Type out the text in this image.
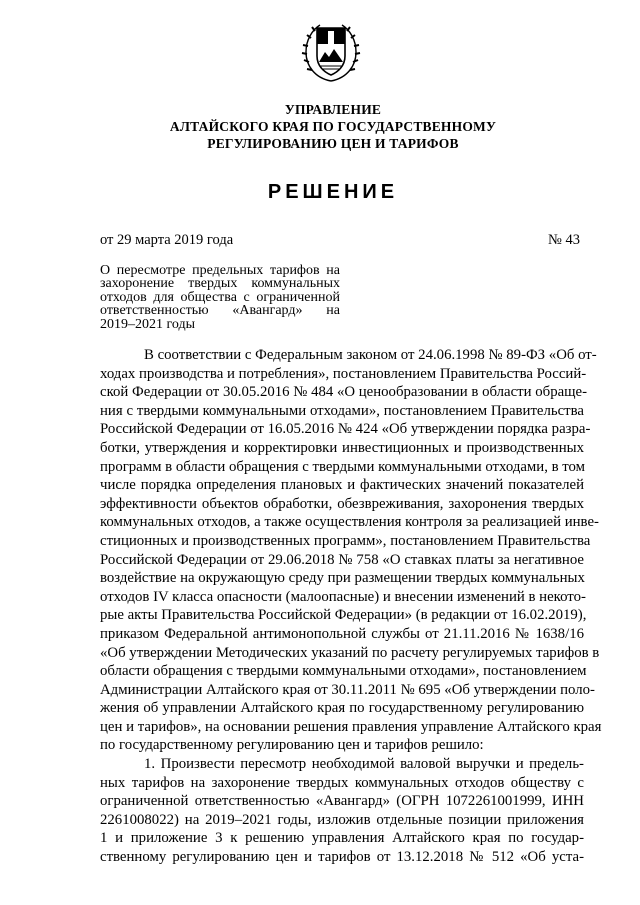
УПРАВЛЕНИЕ
АЛТАЙСКОГО КРАЯ ПО ГОСУДАРСТВЕННОМУ
РЕГУЛИРОВАНИЮ ЦЕН И ТАРИФОВ
РЕШЕНИЕ
от 29 марта 2019 года	№ 43
О пересмотре предельных тарифов на
захоронение твердых коммунальных
отходов для общества с ограниченной
ответственностью «Авангард» на
2019–2021 годы
В соответствии с Федеральным законом от 24.06.1998 № 89-ФЗ «Об от-
ходах производства и потребления», постановлением Правительства Россий-
ской Федерации от 30.05.2016 № 484 «О ценообразовании в области обраще-
ния с твердыми коммунальными отходами», постановлением Правительства
Российской Федерации от 16.05.2016 № 424 «Об утверждении порядка разра-
ботки, утверждения и корректировки инвестиционных и производственных
программ в области обращения с твердыми коммунальными отходами, в том
числе порядка определения плановых и фактических значений показателей
эффективности объектов обработки, обезвреживания, захоронения твердых
коммунальных отходов, а также осуществления контроля за реализацией инве-
стиционных и производственных программ», постановлением Правительства
Российской Федерации от 29.06.2018 № 758 «О ставках платы за негативное
воздействие на окружающую среду при размещении твердых коммунальных
отходов IV класса опасности (малоопасные) и внесении изменений в некото-
рые акты Правительства Российской Федерации» (в редакции от 16.02.2019),
приказом Федеральной антимонопольной службы от 21.11.2016 № 1638/16
«Об утверждении Методических указаний по расчету регулируемых тарифов в
области обращения с твердыми коммунальными отходами», постановлением
Администрации Алтайского края от 30.11.2011 № 695 «Об утверждении поло-
жения об управлении Алтайского края по государственному регулированию
цен и тарифов», на основании решения правления управление Алтайского края
по государственному регулированию цен и тарифов решило:
1. Произвести пересмотр необходимой валовой выручки и предель-
ных тарифов на захоронение твердых коммунальных отходов обществу с
ограниченной ответственностью «Авангард» (ОГРН 1072261001999, ИНН
2261008022) на 2019–2021 годы, изложив отдельные позиции приложения
1 и приложение 3 к решению управления Алтайского края по государ-
ственному регулированию цен и тарифов от 13.12.2018 № 512 «Об уста-
